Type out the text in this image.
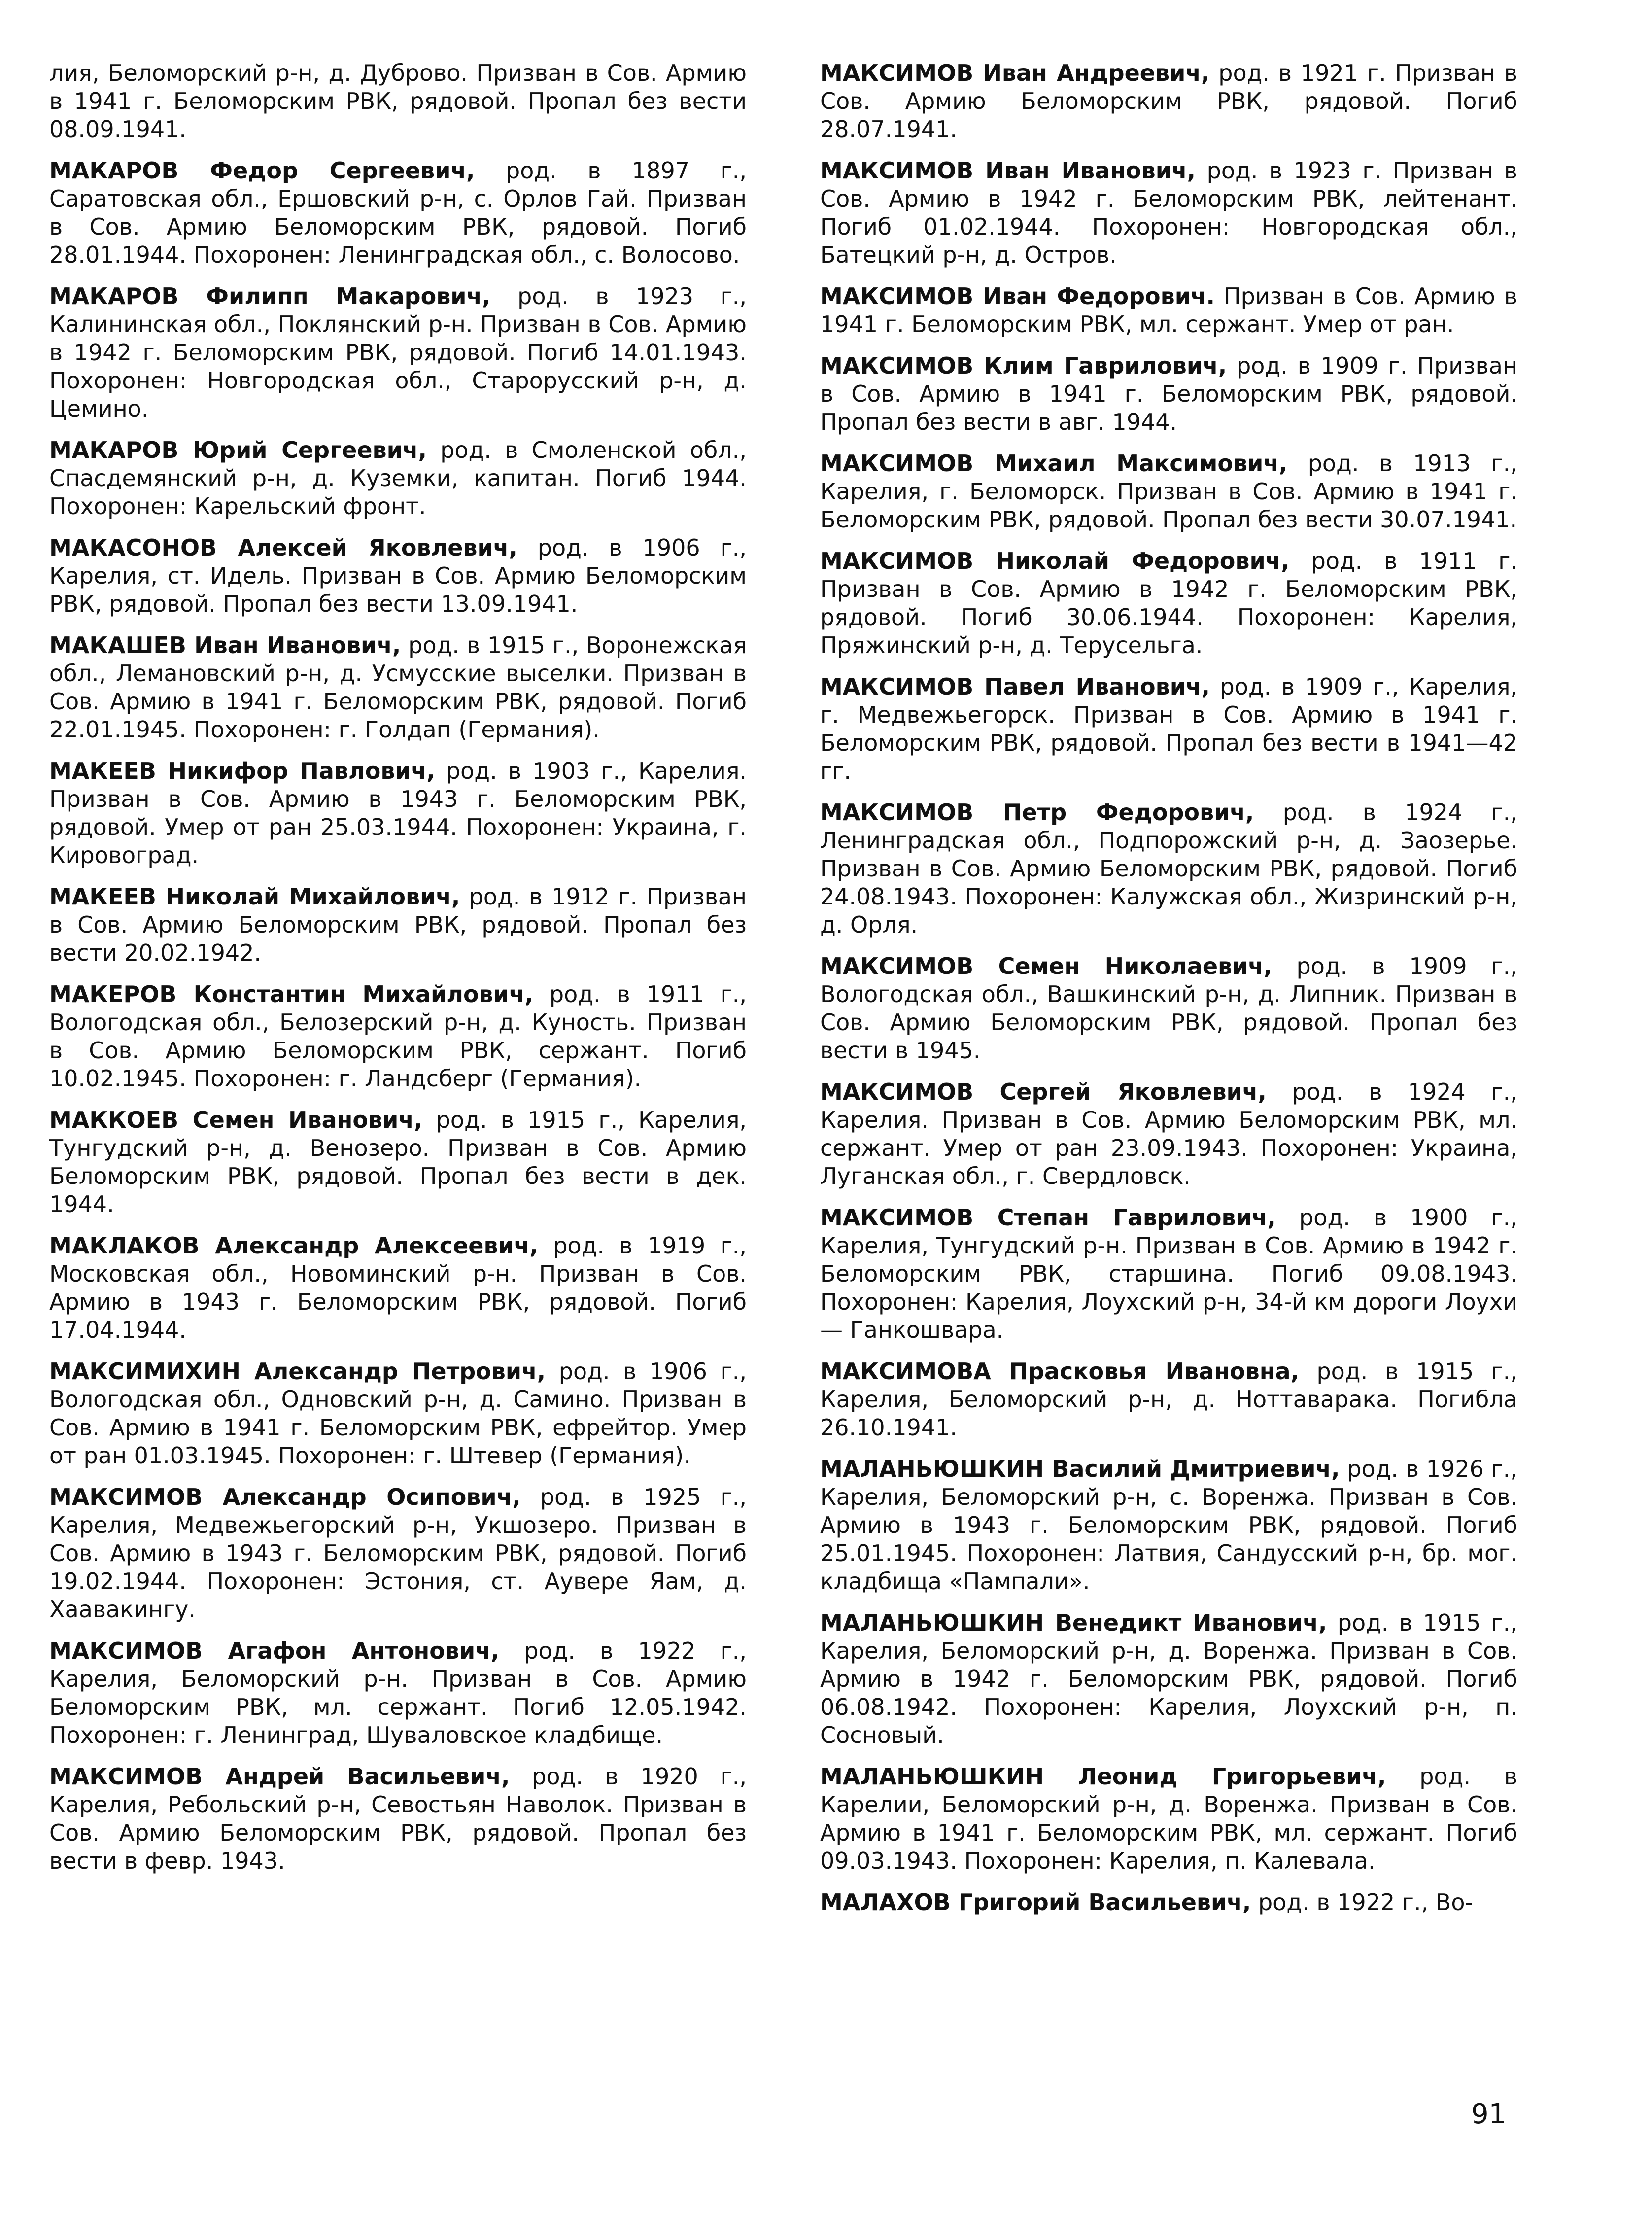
лия, Беломорский р-н, д. Дуброво. Призван в Сов. Армию в 1941 г. Беломорским РВК, рядовой. Пропал без вести 08.09.1941.

МАКАРОВ Федор Сергеевич, род. в 1897 г., Саратовская обл., Ершовский р-н, с. Орлов Гай. Призван в Сов. Армию Беломорским РВК, рядовой. Погиб 28.01.1944. Похоронен: Ленинградская обл., с. Волосово.

МАКАРОВ Филипп Макарович, род. в 1923 г., Калининская обл., Поклянский р-н. Призван в Сов. Армию в 1942 г. Беломорским РВК, рядовой. Погиб 14.01.1943. Похоронен: Новгородская обл., Старорусский р-н, д. Цемино.

МАКАРОВ Юрий Сергеевич, род. в Смоленской обл., Спасдемянский р-н, д. Куземки, капитан. Погиб 1944. Похоронен: Карельский фронт.

МАКАСОНОВ Алексей Яковлевич, род. в 1906 г., Карелия, ст. Идель. Призван в Сов. Армию Беломорским РВК, рядовой. Пропал без вести 13.09.1941.

МАКАШЕВ Иван Иванович, род. в 1915 г., Воронежская обл., Лемановский р-н, д. Усмусские выселки. Призван в Сов. Армию в 1941 г. Беломорским РВК, рядовой. Погиб 22.01.1945. Похоронен: г. Голдап (Германия).

МАКЕЕВ Никифор Павлович, род. в 1903 г., Карелия. Призван в Сов. Армию в 1943 г. Беломорским РВК, рядовой. Умер от ран 25.03.1944. Похоронен: Украина, г. Кировоград.

МАКЕЕВ Николай Михайлович, род. в 1912 г. Призван в Сов. Армию Беломорским РВК, рядовой. Пропал без вести 20.02.1942.

МАКЕРОВ Константин Михайлович, род. в 1911 г., Вологодская обл., Белозерский р-н, д. Куность. Призван в Сов. Армию Беломорским РВК, сержант. Погиб 10.02.1945. Похоронен: г. Ландсберг (Германия).

МАККОЕВ Семен Иванович, род. в 1915 г., Карелия, Тунгудский р-н, д. Венозеро. Призван в Сов. Армию Беломорским РВК, рядовой. Пропал без вести в дек. 1944.

МАКЛАКОВ Александр Алексеевич, род. в 1919 г., Московская обл., Новоминский р-н. Призван в Сов. Армию в 1943 г. Беломорским РВК, рядовой. Погиб 17.04.1944.

МАКСИМИХИН Александр Петрович, род. в 1906 г., Вологодская обл., Одновский р-н, д. Самино. Призван в Сов. Армию в 1941 г. Беломорским РВК, ефрейтор. Умер от ран 01.03.1945. Похоронен: г. Штевер (Германия).

МАКСИМОВ Александр Осипович, род. в 1925 г., Карелия, Медвежьегорский р-н, Укшозеро. Призван в Сов. Армию в 1943 г. Беломорским РВК, рядовой. Погиб 19.02.1944. Похоронен: Эстония, ст. Аувере Яам, д. Хаавакингу.

МАКСИМОВ Агафон Антонович, род. в 1922 г., Карелия, Беломорский р-н. Призван в Сов. Армию Беломорским РВК, мл. сержант. Погиб 12.05.1942. Похоронен: г. Ленинград, Шуваловское кладбище.

МАКСИМОВ Андрей Васильевич, род. в 1920 г., Карелия, Ребольский р-н, Севостьян Наволок. Призван в Сов. Армию Беломорским РВК, рядовой. Пропал без вести в февр. 1943.

МАКСИМОВ Иван Андреевич, род. в 1921 г. Призван в Сов. Армию Беломорским РВК, рядовой. Погиб 28.07.1941.

МАКСИМОВ Иван Иванович, род. в 1923 г. Призван в Сов. Армию в 1942 г. Беломорским РВК, лейтенант. Погиб 01.02.1944. Похоронен: Новгородская обл., Батецкий р-н, д. Остров.

МАКСИМОВ Иван Федорович. Призван в Сов. Армию в 1941 г. Беломорским РВК, мл. сержант. Умер от ран.

МАКСИМОВ Клим Гаврилович, род. в 1909 г. Призван в Сов. Армию в 1941 г. Беломорским РВК, рядовой. Пропал без вести в авг. 1944.

МАКСИМОВ Михаил Максимович, род. в 1913 г., Карелия, г. Беломорск. Призван в Сов. Армию в 1941 г. Беломорским РВК, рядовой. Пропал без вести 30.07.1941.

МАКСИМОВ Николай Федорович, род. в 1911 г. Призван в Сов. Армию в 1942 г. Беломорским РВК, рядовой. Погиб 30.06.1944. Похоронен: Карелия, Пряжинский р-н, д. Терусельга.

МАКСИМОВ Павел Иванович, род. в 1909 г., Карелия, г. Медвежьегорск. Призван в Сов. Армию в 1941 г. Беломорским РВК, рядовой. Пропал без вести в 1941—42 гг.

МАКСИМОВ Петр Федорович, род. в 1924 г., Ленинградская обл., Подпорожский р-н, д. Заозерье. Призван в Сов. Армию Беломорским РВК, рядовой. Погиб 24.08.1943. Похоронен: Калужская обл., Жизринский р-н, д. Орля.

МАКСИМОВ Семен Николаевич, род. в 1909 г., Вологодская обл., Вашкинский р-н, д. Липник. Призван в Сов. Армию Беломорским РВК, рядовой. Пропал без вести в 1945.

МАКСИМОВ Сергей Яковлевич, род. в 1924 г., Карелия. Призван в Сов. Армию Беломорским РВК, мл. сержант. Умер от ран 23.09.1943. Похоронен: Украина, Луганская обл., г. Свердловск.

МАКСИМОВ Степан Гаврилович, род. в 1900 г., Карелия, Тунгудский р-н. Призван в Сов. Армию в 1942 г. Беломорским РВК, старшина. Погиб 09.08.1943. Похоронен: Карелия, Лоухский р-н, 34-й км дороги Лоухи — Ганкошвара.

МАКСИМОВА Прасковья Ивановна, род. в 1915 г., Карелия, Беломорский р-н, д. Ноттаварака. Погибла 26.10.1941.

МАЛАНЬЮШКИН Василий Дмитриевич, род. в 1926 г., Карелия, Беломорский р-н, с. Воренжа. Призван в Сов. Армию в 1943 г. Беломорским РВК, рядовой. Погиб 25.01.1945. Похоронен: Латвия, Сандусский р-н, бр. мог. кладбища «Пампали».

МАЛАНЬЮШКИН Венедикт Иванович, род. в 1915 г., Карелия, Беломорский р-н, д. Воренжа. Призван в Сов. Армию в 1942 г. Беломорским РВК, рядовой. Погиб 06.08.1942. Похоронен: Карелия, Лоухский р-н, п. Сосновый.

МАЛАНЬЮШКИН Леонид Григорьевич, род. в Карелии, Беломорский р-н, д. Воренжа. Призван в Сов. Армию в 1941 г. Беломорским РВК, мл. сержант. Погиб 09.03.1943. Похоронен: Карелия, п. Калевала.

МАЛАХОВ Григорий Васильевич, род. в 1922 г., Во-

91
